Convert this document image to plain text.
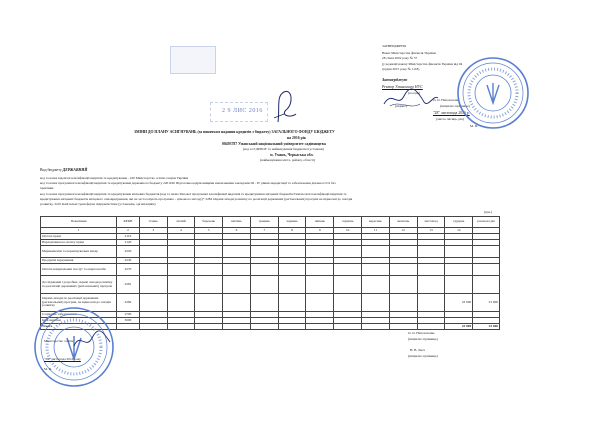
ЗАТВЕРДЖЕНО
Наказ Міністерства фінансів України
28 січня 2002 року № 57
(у редакції наказу Міністерства фінансів України від 04
грудня 2015 року № 1118)
Затверджую
Ректор Уманського НУС
(посада)
О. О. Непочатенко
(підпис)	(ініціали і прізвище)
"28" листопада 2016 р.
(число, місяць, рік)
М. П.
2 9 ЛИС 2016
ЗМІНИ ДО ПЛАНУ АСИГНУВАНЬ (за винятком надання кредитів з бюджету) ЗАГАЛЬНОГО ФОНДУ БЮДЖЕТУ
на 2016 рік
00493787 Уманський національний університет садівництва
(код за ЄДРПОУ та найменування бюджетної установи)
м. Умань, Черкаська обл.
(найменування міста, району, області)
Вид бюджету ДЕРЖАВНИЙ
код та назва відомчої класифікації видатків та кредитування - 220 Міністерство освіти і науки України
код та назва програмної класифікації видатків та кредитування державного бюджету 2201160 Підготовка кадрів вищими навчальними закладами III - IV рівнів акредитації та забезпечення діяльності їх баз
практики
код та назва програмної класифікації видатків та кредитування місцевих бюджетів (код та назва Типової програмної класифікації видатків та кредитування місцевих бюджетів/Тимчасової класифікації видатків та
кредитування місцевих бюджетів місцевого самоврядування, які не застосовують програмно - цільового методу)* 2282 Окремі заходи розвитку по реалізації державних (регіональних) програм не віднесені до заходів
розвитку, 3210 Капітальні трансферти підприємствам (установам, організаціям)
(грн.)
Показники	КЕКВ	січень	лютий	березень	квітень	травень	червень	липень	серпень	вересень	жовтень	листопад	грудень	разом на рік
1	2	3	4	5	6	7	8	9	10	11	12	13	14	
Оплата праці	2110													
Нарахування на оплату праці	2120													
Медикаменти та перев'язувальні матер	2220													
Продукти харчування	2230													
Оплата комунальних послуг та енергоносіїв	2270													
Дослідження і розробки, окремі заходи розвитку по реалізації державних (регіональних) програм	2281													
Окремі заходи по реалізації державних (регіональних) програм, не віднесені до заходів розвитку	2282												23 000	23 000
Соціальне забезпечення	2700													
Інші видатки	5000													
Усього													23 000	23 000
Міністерство освіти
"28" листопада 2016 року
М. П.
О. О. Непочатенко
(ініціали і прізвище)
Н. В. Ляса
(ініціали і прізвище)
